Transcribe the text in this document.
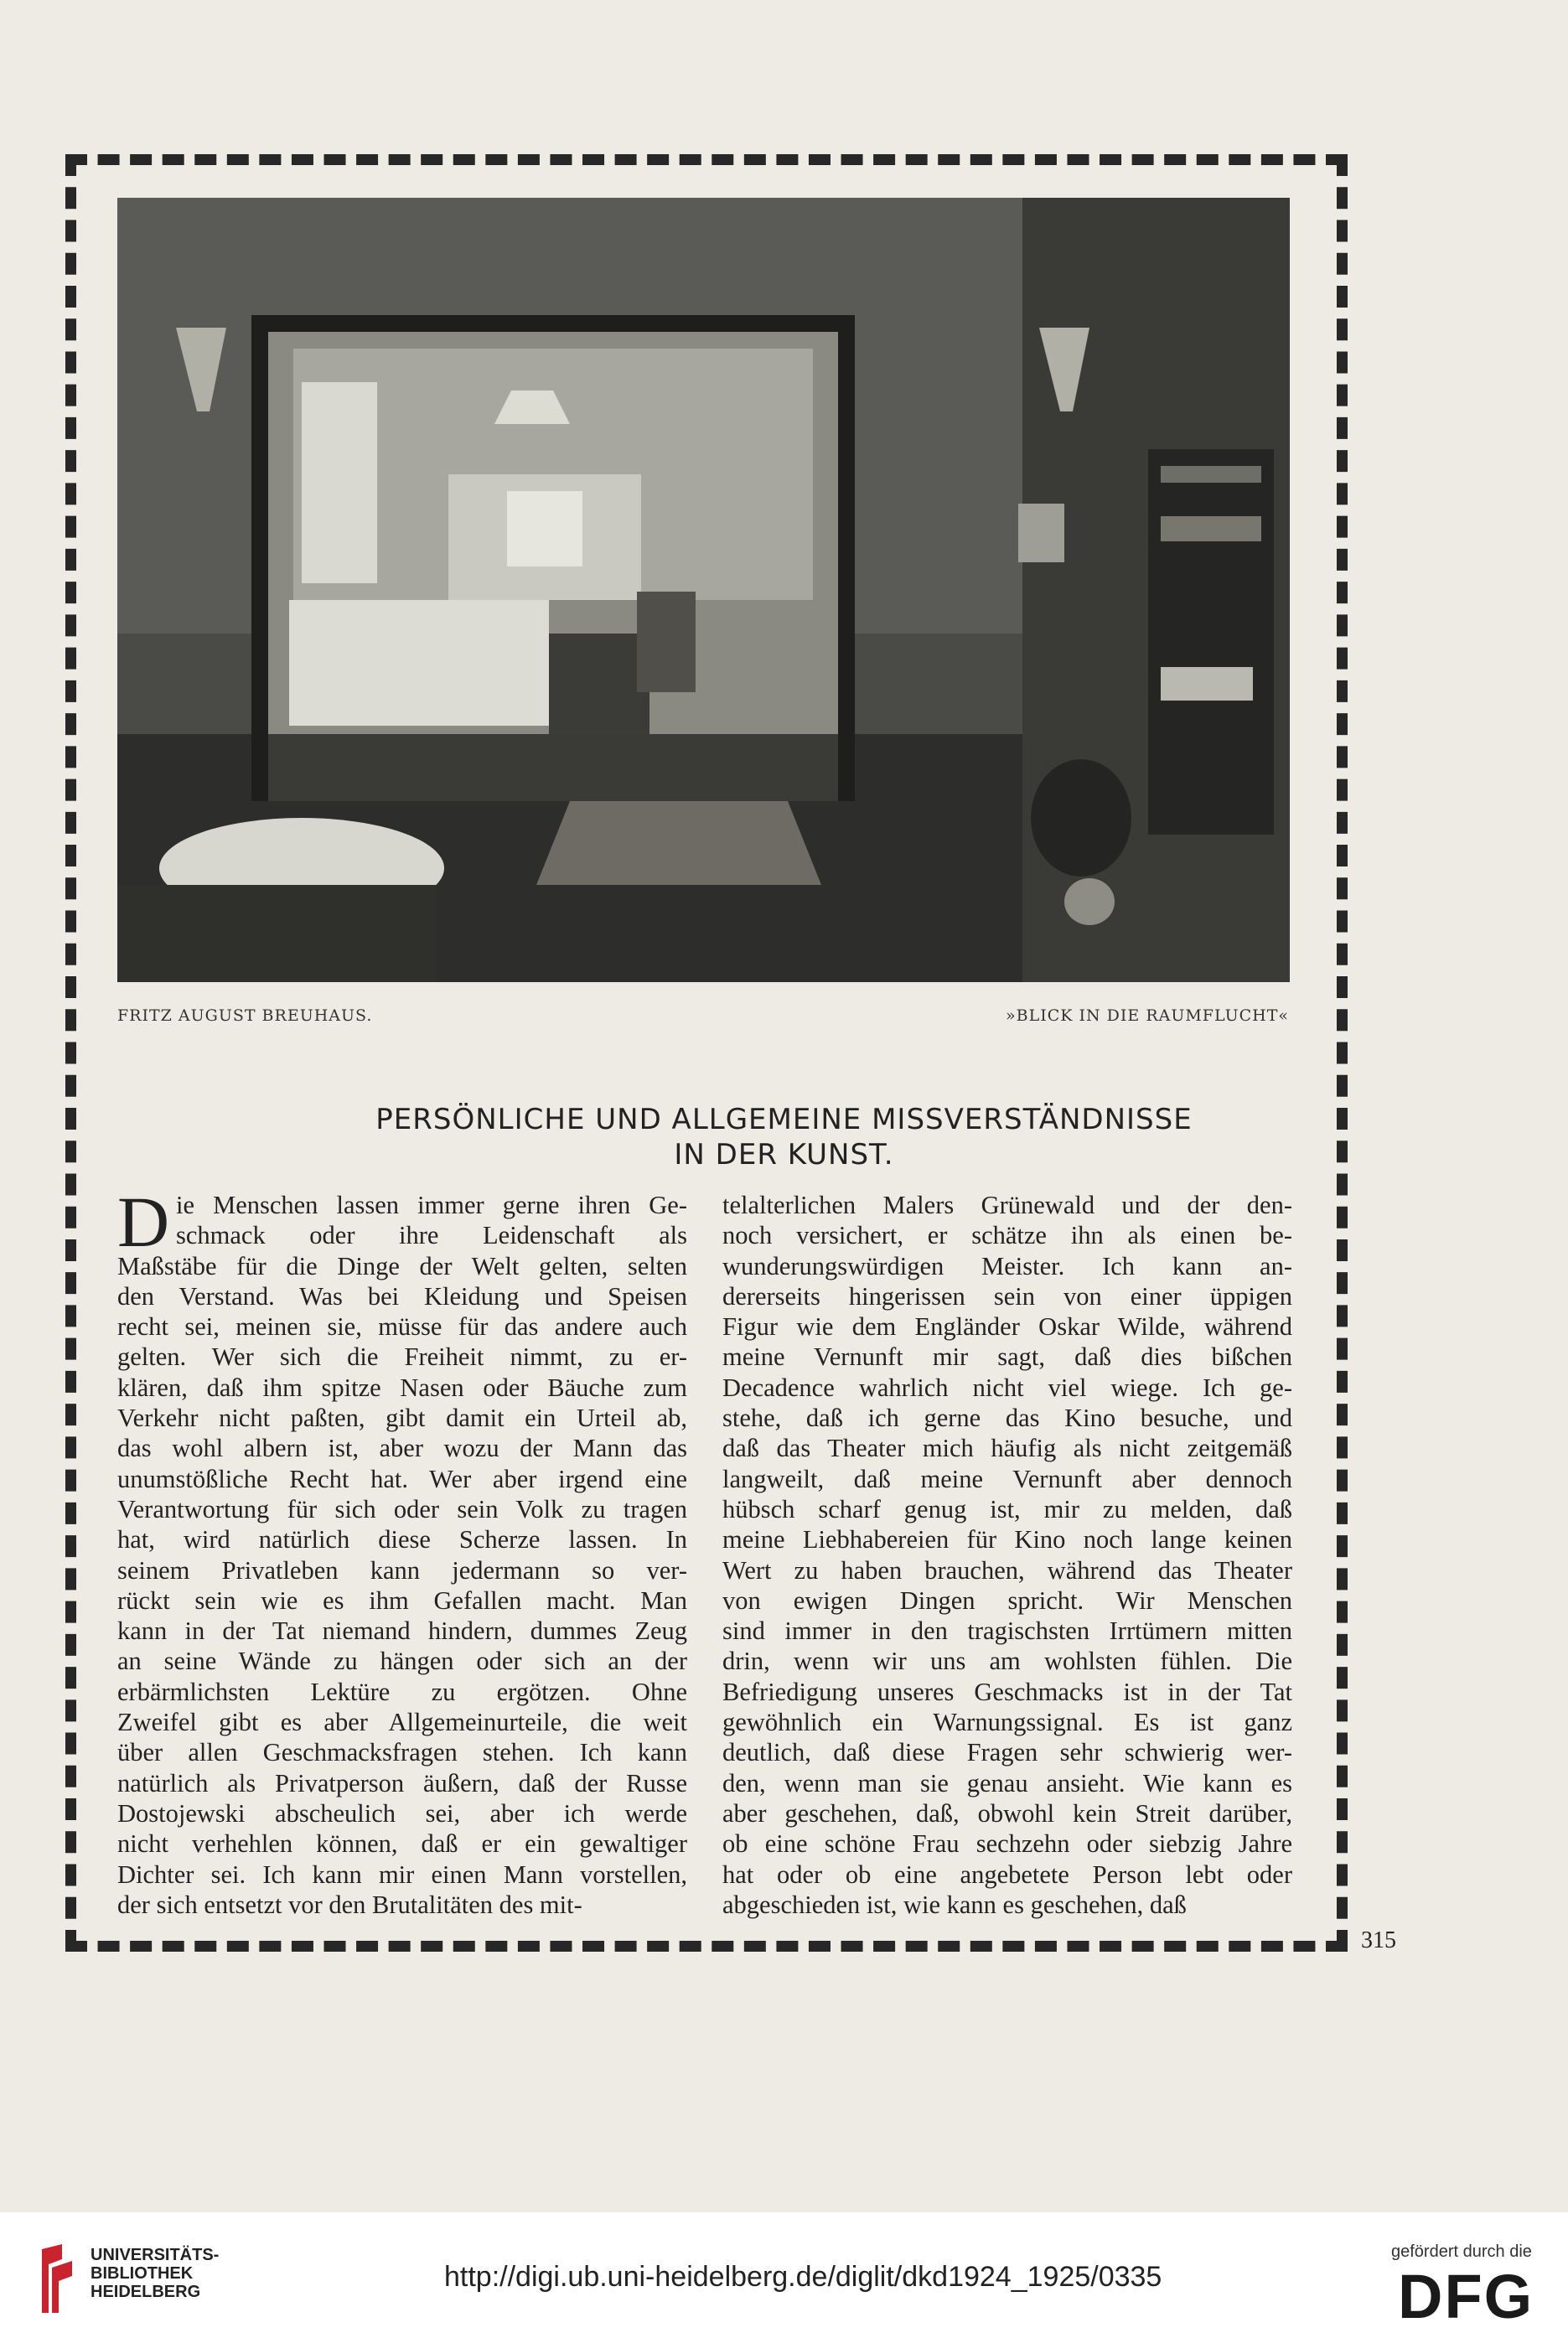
FRITZ AUGUST BREUHAUS.	»BLICK IN DIE RAUMFLUCHT«
PERSÖNLICHE UND ALLGEMEINE MISSVERSTÄNDNISSE
IN DER KUNST.
D ie Menschen lassen immer gerne ihren Ge-
schmack oder ihre Leidenschaft als
Maßstäbe für die Dinge der Welt gelten, selten
den Verstand. Was bei Kleidung und Speisen
recht sei, meinen sie, müsse für das andere auch
gelten. Wer sich die Freiheit nimmt, zu er-
klären, daß ihm spitze Nasen oder Bäuche zum
Verkehr nicht paßten, gibt damit ein Urteil ab,
das wohl albern ist, aber wozu der Mann das
unumstößliche Recht hat. Wer aber irgend eine
Verantwortung für sich oder sein Volk zu tragen
hat, wird natürlich diese Scherze lassen. In
seinem Privatleben kann jedermann so ver-
rückt sein wie es ihm Gefallen macht. Man
kann in der Tat niemand hindern, dummes Zeug
an seine Wände zu hängen oder sich an der
erbärmlichsten Lektüre zu ergötzen. Ohne
Zweifel gibt es aber Allgemeinurteile, die weit
über allen Geschmacksfragen stehen. Ich kann
natürlich als Privatperson äußern, daß der Russe
Dostojewski abscheulich sei, aber ich werde
nicht verhehlen können, daß er ein gewaltiger
Dichter sei. Ich kann mir einen Mann vorstellen,
der sich entsetzt vor den Brutalitäten des mit-
telalterlichen Malers Grünewald und der den-
noch versichert, er schätze ihn als einen be-
wunderungswürdigen Meister. Ich kann an-
dererseits hingerissen sein von einer üppigen
Figur wie dem Engländer Oskar Wilde, während
meine Vernunft mir sagt, daß dies bißchen
Decadence wahrlich nicht viel wiege. Ich ge-
stehe, daß ich gerne das Kino besuche, und
daß das Theater mich häufig als nicht zeitgemäß
langweilt, daß meine Vernunft aber dennoch
hübsch scharf genug ist, mir zu melden, daß
meine Liebhabereien für Kino noch lange keinen
Wert zu haben brauchen, während das Theater
von ewigen Dingen spricht. Wir Menschen
sind immer in den tragischsten Irrtümern mitten
drin, wenn wir uns am wohlsten fühlen. Die
Befriedigung unseres Geschmacks ist in der Tat
gewöhnlich ein Warnungssignal. Es ist ganz
deutlich, daß diese Fragen sehr schwierig wer-
den, wenn man sie genau ansieht. Wie kann es
aber geschehen, daß, obwohl kein Streit darüber,
ob eine schöne Frau sechzehn oder siebzig Jahre
hat oder ob eine angebetete Person lebt oder
abgeschieden ist, wie kann es geschehen, daß
315
UNIVERSITÄTS-
BIBLIOTHEK
HEIDELBERG	http://digi.ub.uni-heidelberg.de/diglit/dkd1924_1925/0335
gefördert durch die
DFG
